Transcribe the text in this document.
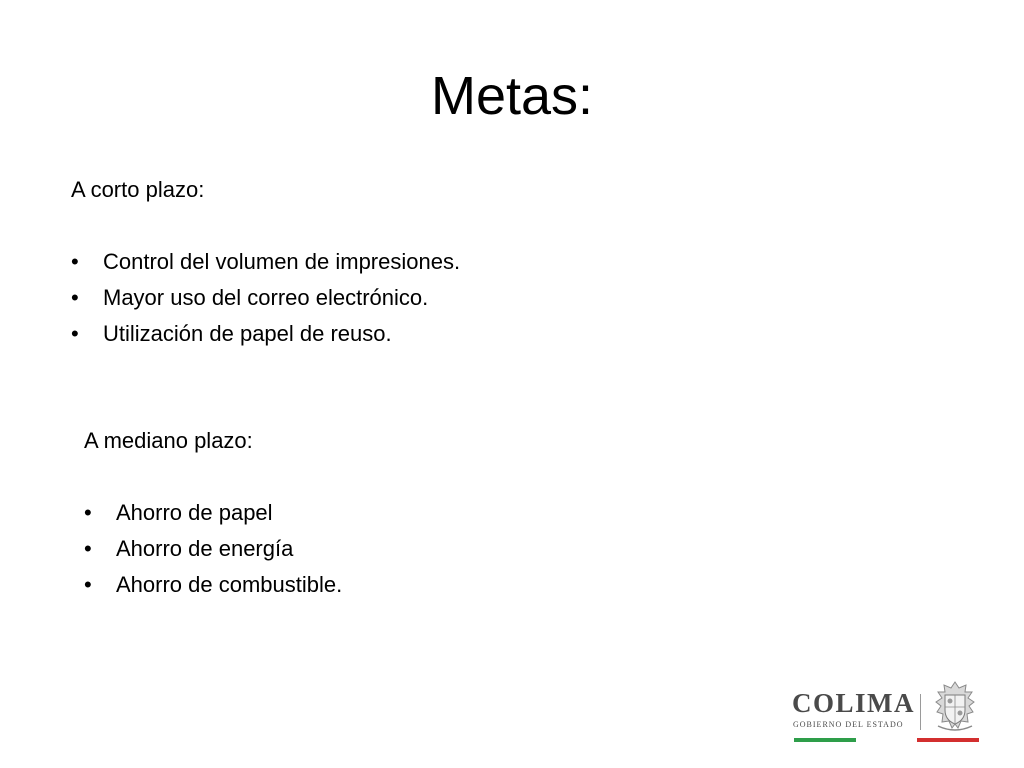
Metas:
A corto plazo:
•	Control del volumen de impresiones.
•	Mayor uso del correo electrónico.
•	Utilización de papel de reuso.
A mediano plazo:
•	Ahorro de papel
•	Ahorro de energía
•	Ahorro de combustible.
COLIMA
GOBIERNO DEL ESTADO
